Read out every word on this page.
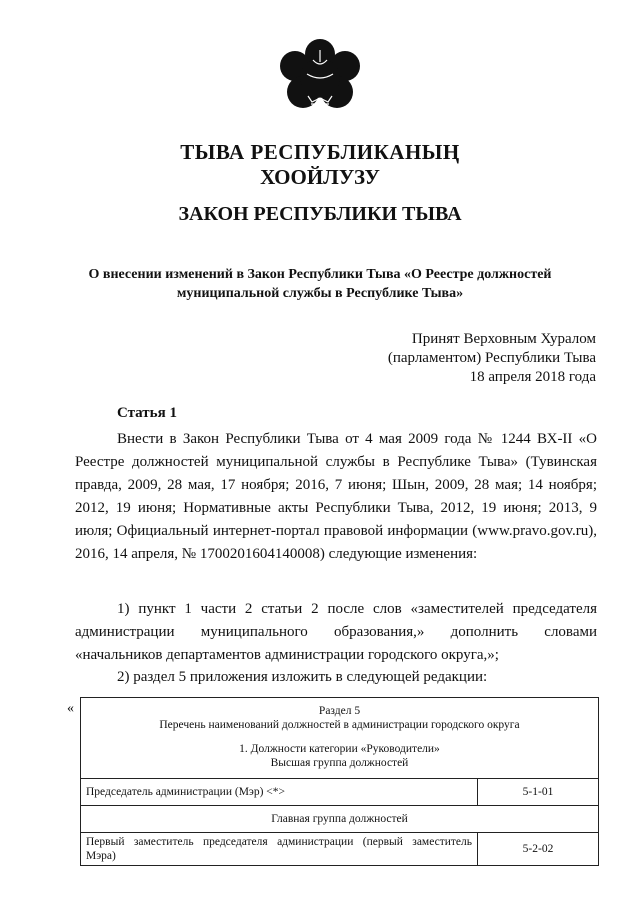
ТЫВА РЕСПУБЛИКАНЫҢ
ХООЙЛУЗУ
ЗАКОН РЕСПУБЛИКИ ТЫВА
О внесении изменений в Закон Республики Тыва «О Реестре должностей
муниципальной службы в Республике Тыва»
Принят Верховным Хуралом
(парламентом) Республики Тыва
18 апреля 2018 года
Статья 1
Внести в Закон Республики Тыва от 4 мая 2009 года № 1244 ВХ-II «О Реестре должностей муниципальной службы в Республике Тыва» (Тувинская правда, 2009, 28 мая, 17 ноября; 2016, 7 июня; Шын, 2009, 28 мая; 14 ноября; 2012, 19 июня; Нормативные акты Республики Тыва, 2012, 19 июня; 2013, 9 июля; Официальный интернет-портал правовой информации (www.pravo.gov.ru), 2016, 14 апреля, № 1700201604140008) следующие изменения:
1) пункт 1 части 2 статьи 2 после слов «заместителей председателя администрации муниципального образования,» дополнить словами «начальников департаментов администрации городского округа,»;
2) раздел 5 приложения изложить в следующей редакции:
«	Раздел 5
Перечень наименований должностей в администрации городского округа
1. Должности категории «Руководители»
Высшая группа должностей	

Председатель администрации (Мэр) <*>	5-1-01
Главная группа должностей	
Первый заместитель председателя администрации (первый заместитель Мэра)	5-2-02
